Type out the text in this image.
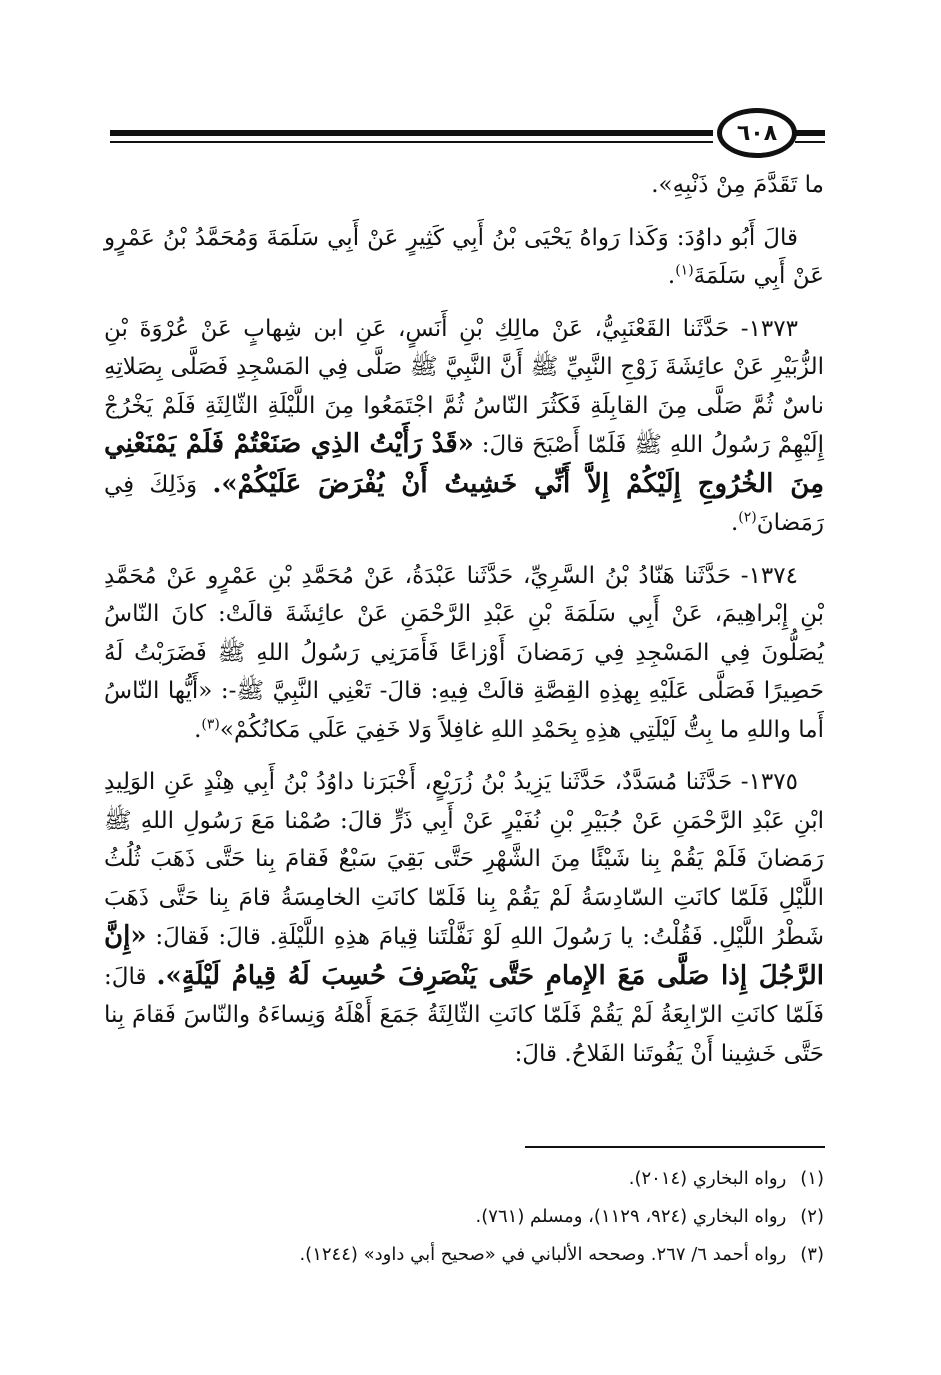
٦٠٨

ما تَقَدَّمَ مِنْ ذَنْبِهِ».

قالَ أَبُو داوُدَ: وَكَذا رَواهُ يَحْيَى بْنُ أَبِي كَثِيرٍ عَنْ أَبِي سَلَمَةَ وَمُحَمَّدُ بْنُ عَمْرٍو عَنْ أَبِي سَلَمَةَ$^{(١)}$.

١٣٧٣- حَدَّثَنا القَعْنَبِيُّ، عَنْ مالِكِ بْنِ أَنَسٍ، عَنِ ابن شِهابٍ عَنْ عُرْوَةَ بْنِ الزُّبَيْرِ عَنْ عائِشَةَ زَوْجِ النَّبِيِّ ﷺ أَنَّ النَّبِيَّ ﷺ صَلَّى فِي المَسْجِدِ فَصَلَّى بِصَلاتِهِ ناسٌ ثُمَّ صَلَّى مِنَ القابِلَةِ فَكَثُرَ النّاسُ ثُمَّ اجْتَمَعُوا مِنَ اللَّيْلَةِ الثّالِثَةِ فَلَمْ يَخْرُجْ إِلَيْهِمْ رَسُولُ اللهِ ﷺ فَلَمّا أَصْبَحَ قالَ: «قَدْ رَأَيْتُ الذِي صَنَعْتُمْ فَلَمْ يَمْنَعْنِي مِنَ الخُرُوجِ إِلَيْكُمْ إِلاَّ أَنِّي خَشِيتُ أَنْ يُفْرَضَ عَلَيْكُمْ». وَذَلِكَ فِي رَمَضانَ$^{(٢)}$.

١٣٧٤- حَدَّثَنا هَنّادُ بْنُ السَّرِيِّ، حَدَّثَنا عَبْدَةُ، عَنْ مُحَمَّدِ بْنِ عَمْرٍو عَنْ مُحَمَّدِ بْنِ إِبْراهِيمَ، عَنْ أَبِي سَلَمَةَ بْنِ عَبْدِ الرَّحْمَنِ عَنْ عائِشَةَ قالَتْ: كانَ النّاسُ يُصَلُّونَ فِي المَسْجِدِ فِي رَمَضانَ أَوْزاعًا فَأَمَرَنِي رَسُولُ اللهِ ﷺ فَضَرَبْتُ لَهُ حَصِيرًا فَصَلَّى عَلَيْهِ بِهذِهِ القِصَّةِ قالَتْ فِيهِ: قالَ- تَعْنِي النَّبِيَّ ﷺ-: «أَيُّها النّاسُ أَما واللهِ ما بِتُّ لَيْلَتِي هذِهِ بِحَمْدِ اللهِ غافِلاً وَلا خَفِيَ عَلَي مَكانُكُمْ»$^{(٣)}$.

١٣٧٥- حَدَّثَنا مُسَدَّدٌ، حَدَّثَنا يَزِيدُ بْنُ زُرَيْعٍ، أَخْبَرَنا داوُدُ بْنُ أَبِي هِنْدٍ عَنِ الوَلِيدِ ابْنِ عَبْدِ الرَّحْمَنِ عَنْ جُبَيْرِ بْنِ نُفَيْرٍ عَنْ أَبِي ذَرٍّ قالَ: صُمْنا مَعَ رَسُولِ اللهِ ﷺ رَمَضانَ فَلَمْ يَقُمْ بِنا شَيْئًا مِنَ الشَّهْرِ حَتَّى بَقِيَ سَبْعٌ فَقامَ بِنا حَتَّى ذَهَبَ ثُلُثُ اللَّيْلِ فَلَمّا كانَتِ السّادِسَةُ لَمْ يَقُمْ بِنا فَلَمّا كانَتِ الخامِسَةُ قامَ بِنا حَتَّى ذَهَبَ شَطْرُ اللَّيْلِ. فَقُلْتُ: يا رَسُولَ اللهِ لَوْ نَفَّلْتَنا قِيامَ هذِهِ اللَّيْلَةِ. قالَ: فَقالَ: «إِنَّ الرَّجُلَ إِذا صَلَّى مَعَ الإِمامِ حَتَّى يَنْصَرِفَ حُسِبَ لَهُ قِيامُ لَيْلَةٍ». قالَ: فَلَمّا كانَتِ الرّابِعَةُ لَمْ يَقُمْ فَلَمّا كانَتِ الثّالِثَةُ جَمَعَ أَهْلَهُ وَنِساءَهُ والنّاسَ فَقامَ بِنا حَتَّى خَشِينا أَنْ يَفُوتَنا الفَلاحُ. قالَ:

(١)رواه البخاري (٢٠١٤).

(٢)رواه البخاري (٩٢٤، ١١٢٩)، ومسلم (٧٦١).

(٣)رواه أحمد ٦/ ٢٦٧. وصححه الألباني في «صحيح أبي داود» (١٢٤٤).
